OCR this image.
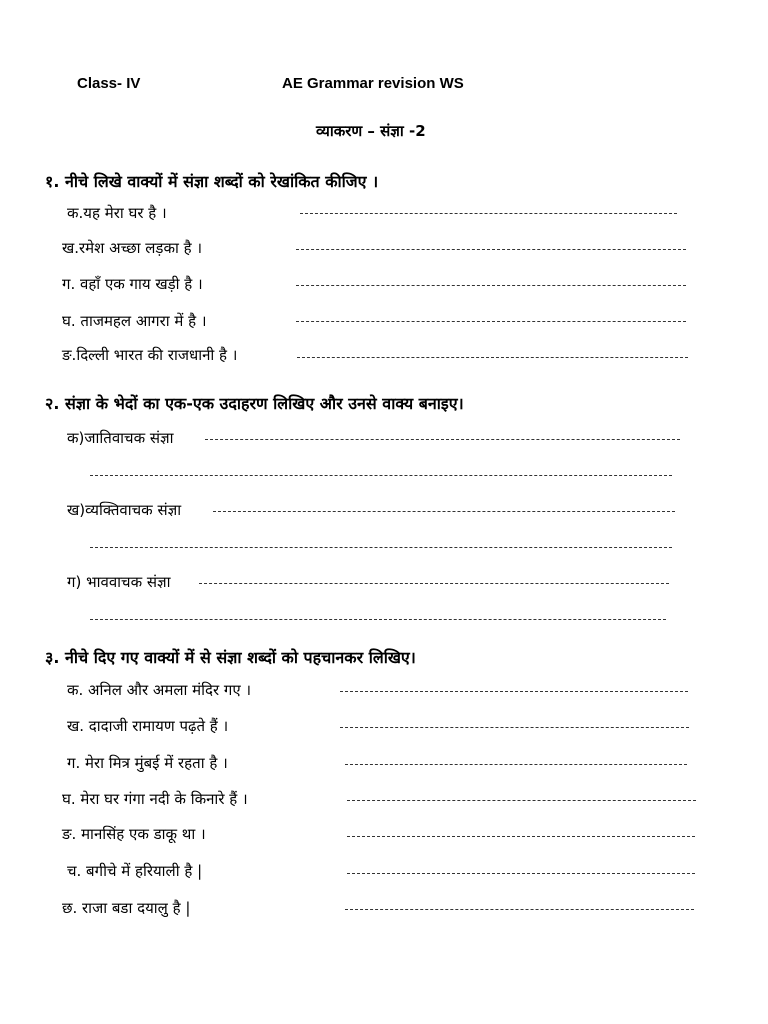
Class- IV	AE Grammar revision WS
व्याकरण – संज्ञा -2
१. नीचे लिखे वाक्यों में संज्ञा शब्दों को रेखांकित कीजिए ।
क.यह मेरा घर है ।
ख.रमेश अच्छा लड़का है ।
ग. वहाँ एक गाय खड़ी है ।
घ. ताजमहल आगरा में है ।
ङ.दिल्ली भारत की राजधानी है ।
२. संज्ञा के भेदों का एक-एक उदाहरण लिखिए और उनसे वाक्य बनाइए।
क)जातिवाचक संज्ञा
ख)व्यक्तिवाचक संज्ञा
ग) भाववाचक संज्ञा
३. नीचे दिए गए वाक्यों में से संज्ञा शब्दों को पहचानकर लिखिए।
क. अनिल और अमला मंदिर गए ।
ख. दादाजी रामायण पढ़ते हैं ।
ग. मेरा मित्र मुंबई में रहता है ।
घ. मेरा घर गंगा नदी के किनारे हैं ।
ङ. मानसिंह एक डाकू था ।
च. बगीचे में हरियाली है |
छ. राजा बडा दयालु है |
